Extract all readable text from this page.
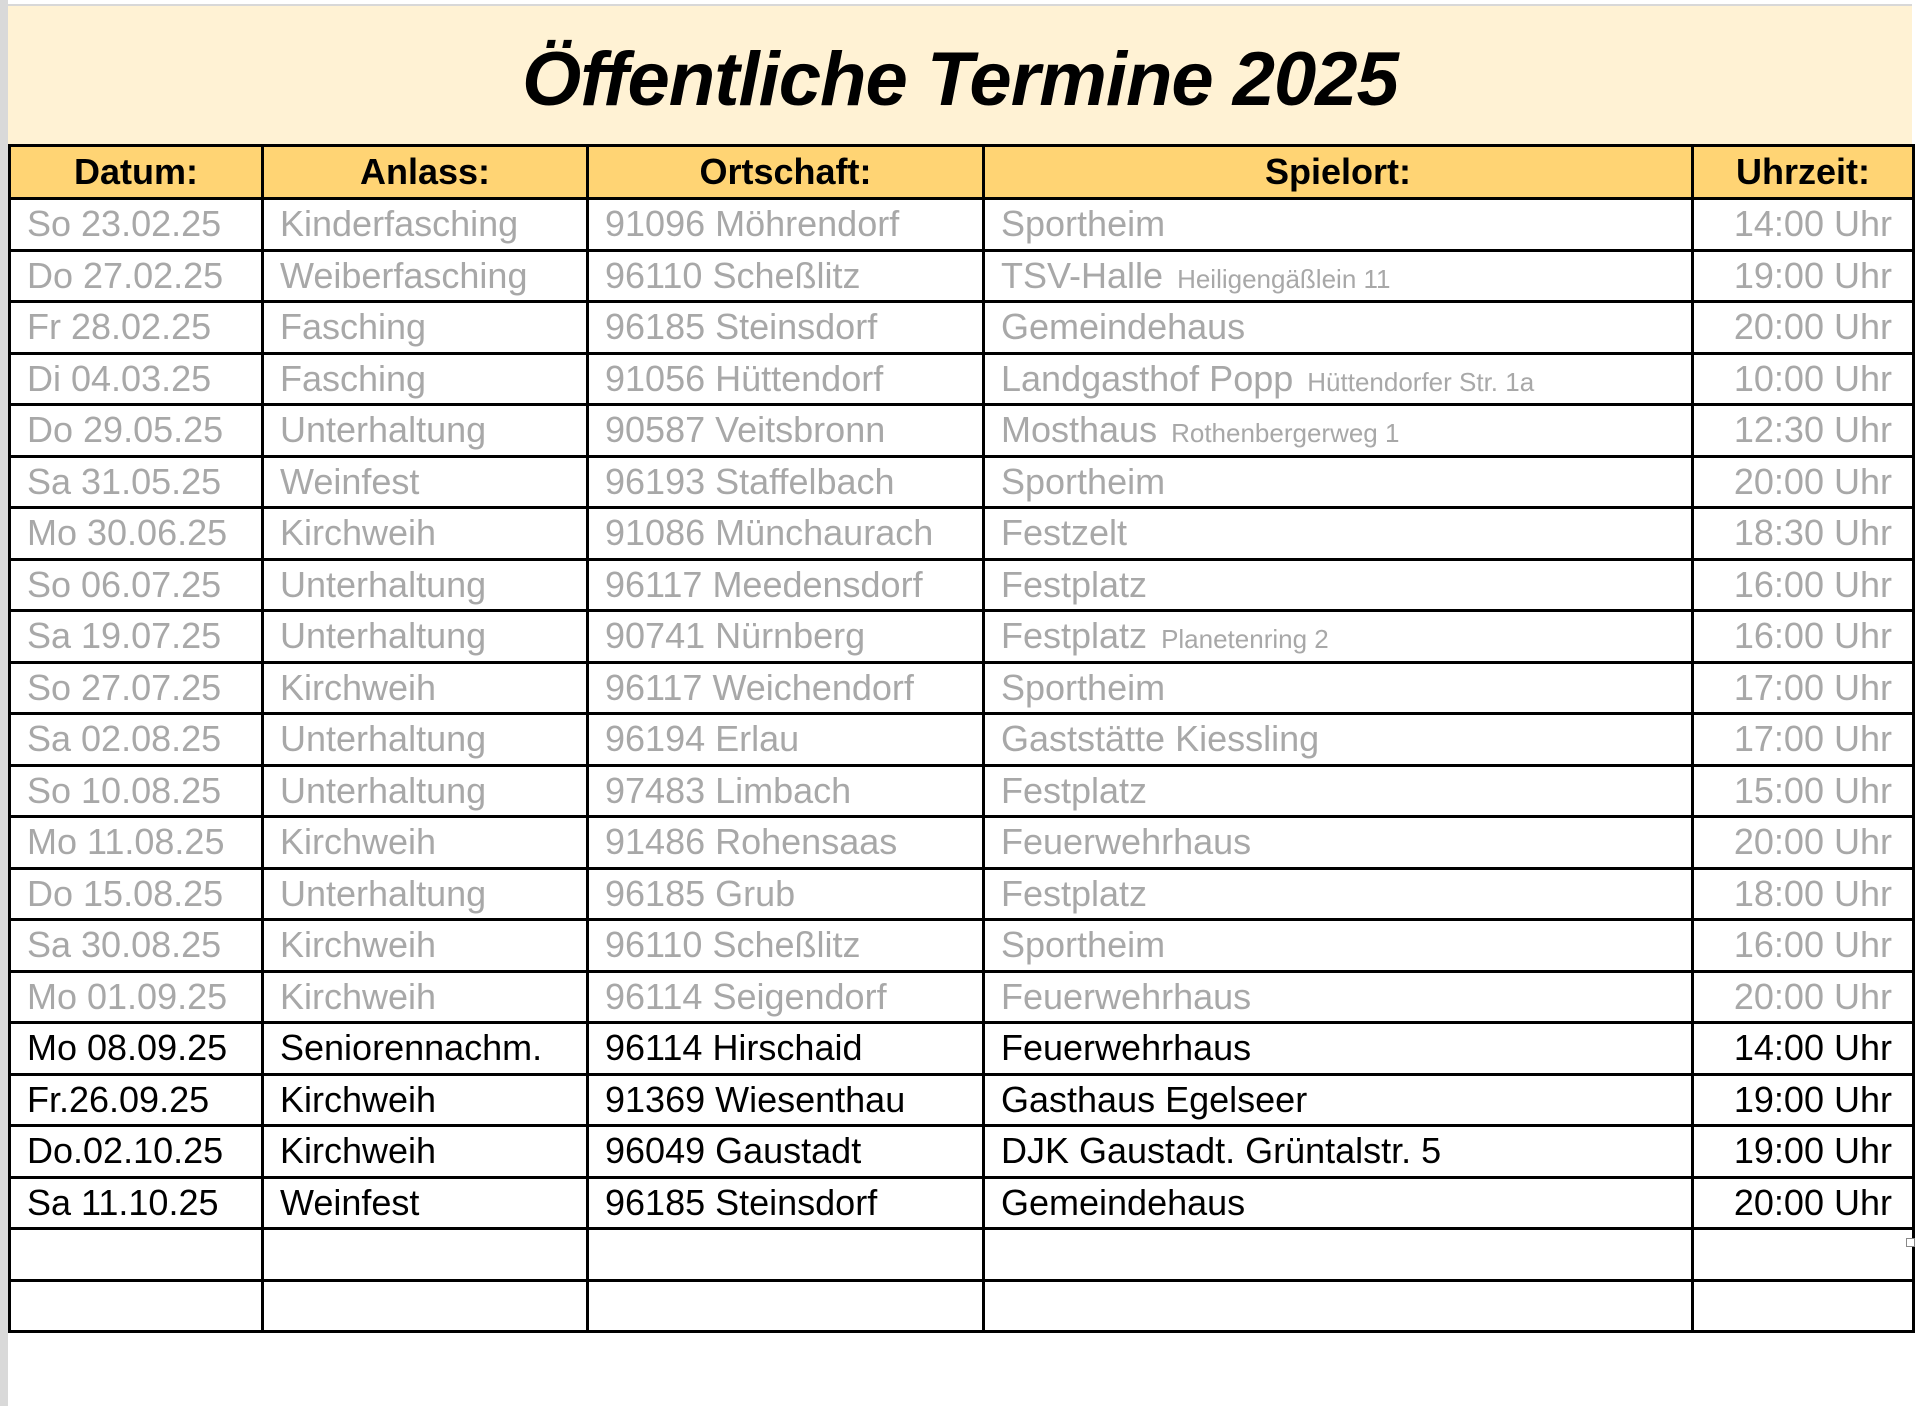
Öffentliche Termine 2025
Datum:	Anlass:	Ortschaft:	Spielort:	Uhrzeit:
So 23.02.25	Kinderfasching	91096 Möhrendorf	Sportheim	14:00 Uhr
Do 27.02.25	Weiberfasching	96110 Scheßlitz	TSV-Halle Heiligengäßlein 11	19:00 Uhr
Fr 28.02.25	Fasching	96185 Steinsdorf	Gemeindehaus	20:00 Uhr
Di 04.03.25	Fasching	91056 Hüttendorf	Landgasthof Popp Hüttendorfer Str. 1a	10:00 Uhr
Do 29.05.25	Unterhaltung	90587 Veitsbronn	Mosthaus Rothenbergerweg 1	12:30 Uhr
Sa 31.05.25	Weinfest	96193 Staffelbach	Sportheim	20:00 Uhr
Mo 30.06.25	Kirchweih	91086 Münchaurach	Festzelt	18:30 Uhr
So 06.07.25	Unterhaltung	96117 Meedensdorf	Festplatz	16:00 Uhr
Sa 19.07.25	Unterhaltung	90741 Nürnberg	Festplatz Planetenring 2	16:00 Uhr
So 27.07.25	Kirchweih	96117 Weichendorf	Sportheim	17:00 Uhr
Sa 02.08.25	Unterhaltung	96194 Erlau	Gaststätte Kiessling	17:00 Uhr
So 10.08.25	Unterhaltung	97483 Limbach	Festplatz	15:00 Uhr
Mo 11.08.25	Kirchweih	91486 Rohensaas	Feuerwehrhaus	20:00 Uhr
Do 15.08.25	Unterhaltung	96185 Grub	Festplatz	18:00 Uhr
Sa 30.08.25	Kirchweih	96110 Scheßlitz	Sportheim	16:00 Uhr
Mo 01.09.25	Kirchweih	96114 Seigendorf	Feuerwehrhaus	20:00 Uhr
Mo 08.09.25	Seniorennachm.	96114 Hirschaid	Feuerwehrhaus	14:00 Uhr
Fr.26.09.25	Kirchweih	91369 Wiesenthau	Gasthaus Egelseer	19:00 Uhr
Do.02.10.25	Kirchweih	96049 Gaustadt	DJK Gaustadt. Grüntalstr. 5	19:00 Uhr
Sa 11.10.25	Weinfest	96185 Steinsdorf	Gemeindehaus	20:00 Uhr
